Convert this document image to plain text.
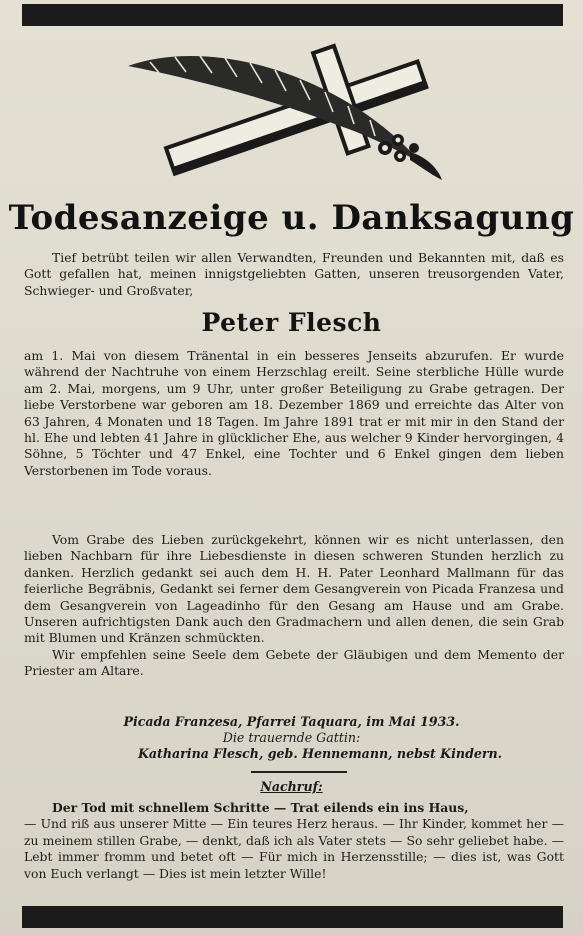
Todesanzeige u. Danksagung

Tief betrübt teilen wir allen Verwandten, Freunden und Bekannten mit, daß es Gott gefallen hat, meinen innigstgeliebten Gatten, unseren treusorgenden Vater, Schwieger- und Großvater,

Peter Flesch

am 1. Mai von diesem Tränental in ein besseres Jenseits abzurufen. Er wurde während der Nachtruhe von einem Herzschlag ereilt. Seine sterbliche Hülle wurde am 2. Mai, morgens, um 9 Uhr, unter großer Beteiligung zu Grabe getragen. Der liebe Verstorbene war geboren am 18. Dezember 1869 und erreichte das Alter von 63 Jahren, 4 Monaten und 18 Tagen. Im Jahre 1891 trat er mit mir in den Stand der hl. Ehe und lebten 41 Jahre in glücklicher Ehe, aus welcher 9 Kinder hervorgingen, 4 Söhne, 5 Töchter und 47 Enkel, eine Tochter und 6 Enkel gingen dem lieben Verstorbenen im Tode voraus.

Vom Grabe des Lieben zurückgekehrt, können wir es nicht unterlassen, den lieben Nachbarn für ihre Liebesdienste in diesen schweren Stunden herzlich zu danken. Herzlich gedankt sei auch dem H. H. Pater Leonhard Mallmann für das feierliche Begräbnis, Gedankt sei ferner dem Gesangverein von Picada Franzesa und dem Gesangverein von Lageadinho für den Gesang am Hause und am Grabe. Unseren aufrichtigsten Dank auch den Gradmachern und allen denen, die sein Grab mit Blumen und Kränzen schmückten.

Wir empfehlen seine Seele dem Gebete der Gläubigen und dem Memento der Priester am Altare.

Picada Franzesa, Pfarrei Taquara, im Mai 1933.
Die trauernde Gattin:
Katharina Flesch, geb. Hennemann, nebst Kindern.
Nachruf:

Der Tod mit schnellem Schritte — Trat eilends ein ins Haus,

— Und riß aus unserer Mitte — Ein teures Herz heraus. — Ihr Kinder, kommet her — zu meinem stillen Grabe, — denkt, daß ich als Vater stets — So sehr geliebet habe. — Lebt immer fromm und betet oft — Für mich in Herzensstille; — dies ist, was Gott von Euch verlangt — Dies ist mein letzter Wille!
